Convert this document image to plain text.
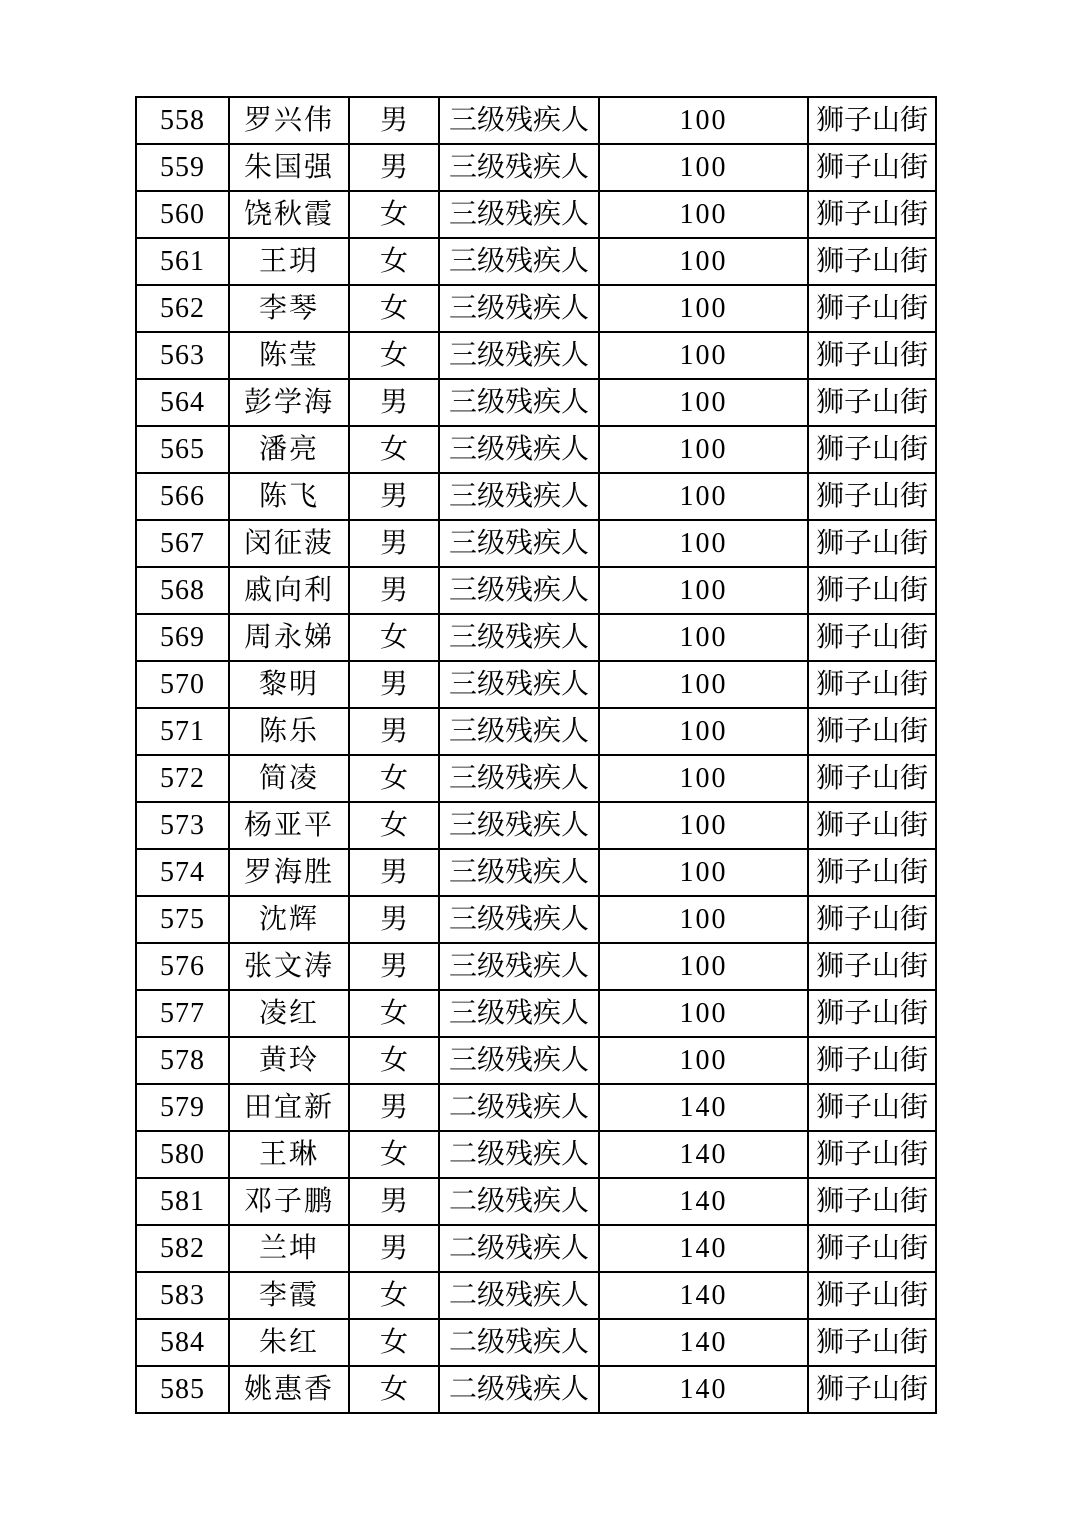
558	罗兴伟	男	三级残疾人	100	狮子山街
559	朱国强	男	三级残疾人	100	狮子山街
560	饶秋霞	女	三级残疾人	100	狮子山街
561	王玥	女	三级残疾人	100	狮子山街
562	李琴	女	三级残疾人	100	狮子山街
563	陈莹	女	三级残疾人	100	狮子山街
564	彭学海	男	三级残疾人	100	狮子山街
565	潘亮	女	三级残疾人	100	狮子山街
566	陈飞	男	三级残疾人	100	狮子山街
567	闵征菠	男	三级残疾人	100	狮子山街
568	戚向利	男	三级残疾人	100	狮子山街
569	周永娣	女	三级残疾人	100	狮子山街
570	黎明	男	三级残疾人	100	狮子山街
571	陈乐	男	三级残疾人	100	狮子山街
572	简凌	女	三级残疾人	100	狮子山街
573	杨亚平	女	三级残疾人	100	狮子山街
574	罗海胜	男	三级残疾人	100	狮子山街
575	沈辉	男	三级残疾人	100	狮子山街
576	张文涛	男	三级残疾人	100	狮子山街
577	凌红	女	三级残疾人	100	狮子山街
578	黄玲	女	三级残疾人	100	狮子山街
579	田宜新	男	二级残疾人	140	狮子山街
580	王琳	女	二级残疾人	140	狮子山街
581	邓子鹏	男	二级残疾人	140	狮子山街
582	兰坤	男	二级残疾人	140	狮子山街
583	李霞	女	二级残疾人	140	狮子山街
584	朱红	女	二级残疾人	140	狮子山街
585	姚惠香	女	二级残疾人	140	狮子山街
